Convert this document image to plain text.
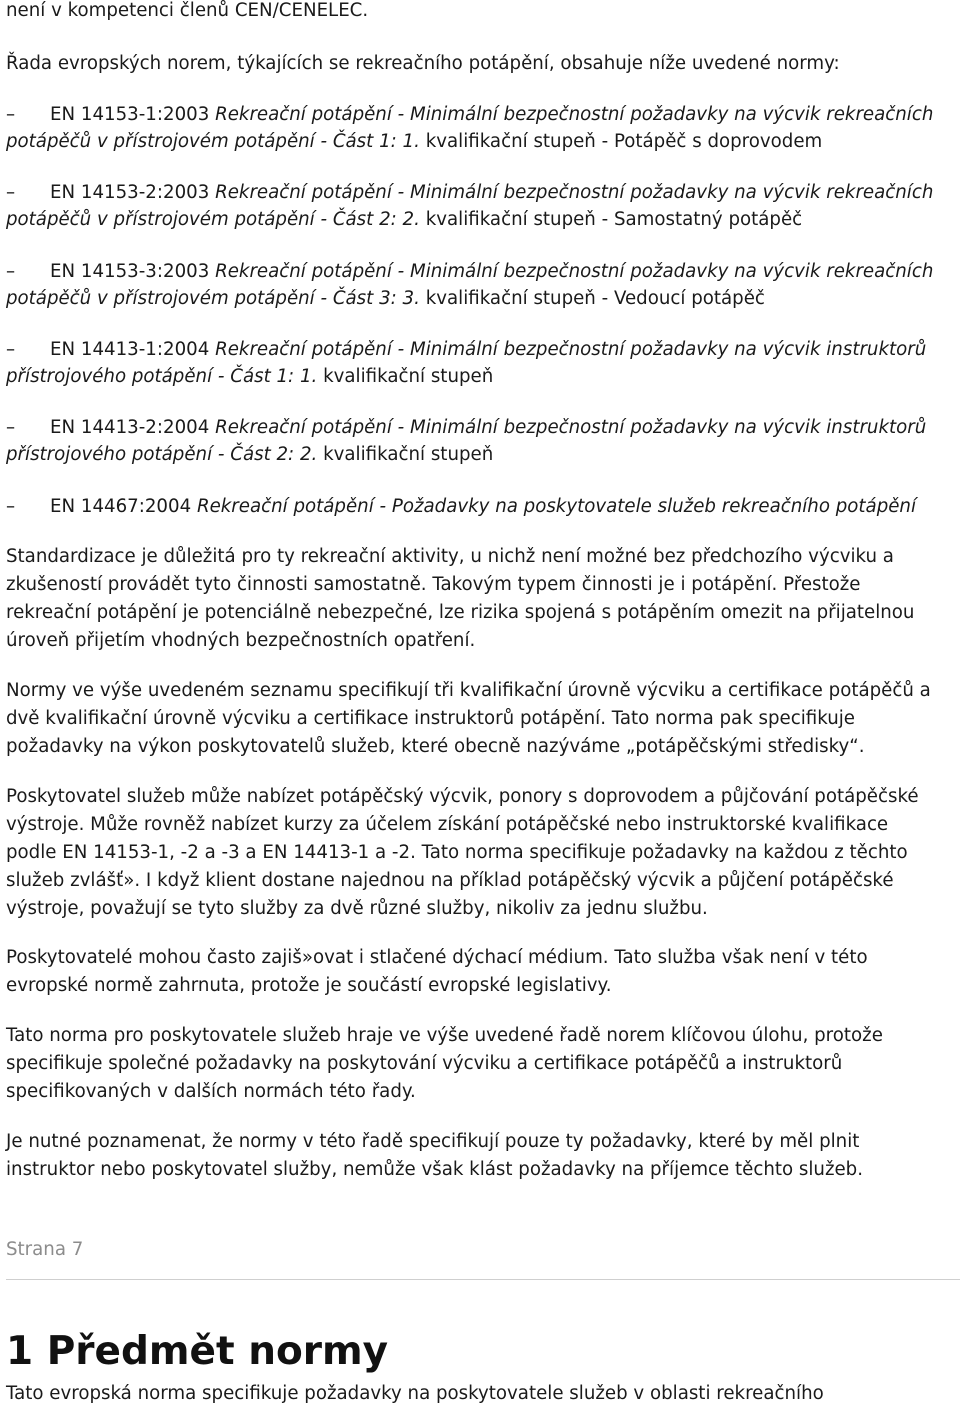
není v kompetenci členů CEN/CENELEC.

Řada evropských norem, týkajících se rekreačního potápění, obsahuje níže uvedené normy:

– EN 14153-1:2003 Rekreační potápění - Minimální bezpečnostní požadavky na výcvik rekreačních
potápěčů v přístrojovém potápění - Část 1: 1. kvalifikační stupeň - Potápěč s doprovodem
– EN 14153-2:2003 Rekreační potápění - Minimální bezpečnostní požadavky na výcvik rekreačních
potápěčů v přístrojovém potápění - Část 2: 2. kvalifikační stupeň - Samostatný potápěč
– EN 14153-3:2003 Rekreační potápění - Minimální bezpečnostní požadavky na výcvik rekreačních
potápěčů v přístrojovém potápění - Část 3: 3. kvalifikační stupeň - Vedoucí potápěč
– EN 14413-1:2004 Rekreační potápění - Minimální bezpečnostní požadavky na výcvik instruktorů
přístrojového potápění - Část 1: 1. kvalifikační stupeň
– EN 14413-2:2004 Rekreační potápění - Minimální bezpečnostní požadavky na výcvik instruktorů
přístrojového potápění - Část 2: 2. kvalifikační stupeň
– EN 14467:2004 Rekreační potápění - Požadavky na poskytovatele služeb rekreačního potápění
Standardizace je důležitá pro ty rekreační aktivity, u nichž není možné bez předchozího výcviku a
zkušeností provádět tyto činnosti samostatně. Takovým typem činnosti je i potápění. Přestože
rekreační potápění je potenciálně nebezpečné, lze rizika spojená s potápěním omezit na přijatelnou
úroveň přijetím vhodných bezpečnostních opatření.
Normy ve výše uvedeném seznamu specifikují tři kvalifikační úrovně výcviku a certifikace potápěčů a
dvě kvalifikační úrovně výcviku a certifikace instruktorů potápění. Tato norma pak specifikuje
požadavky na výkon poskytovatelů služeb, které obecně nazýváme „potápěčskými středisky“.
Poskytovatel služeb může nabízet potápěčský výcvik, ponory s doprovodem a půjčování potápěčské
výstroje. Může rovněž nabízet kurzy za účelem získání potápěčské nebo instruktorské kvalifikace
podle EN 14153-1, -2 a -3 a EN 14413-1 a -2. Tato norma specifikuje požadavky na každou z těchto
služeb zvlášť». I když klient dostane najednou na příklad potápěčský výcvik a půjčení potápěčské
výstroje, považují se tyto služby za dvě různé služby, nikoliv za jednu službu.
Poskytovatelé mohou často zajiš»ovat i stlačené dýchací médium. Tato služba však není v této
evropské normě zahrnuta, protože je součástí evropské legislativy.
Tato norma pro poskytovatele služeb hraje ve výše uvedené řadě norem klíčovou úlohu, protože
specifikuje společné požadavky na poskytování výcviku a certifikace potápěčů a instruktorů
specifikovaných v dalších normách této řady.
Je nutné poznamenat, že normy v této řadě specifikují pouze ty požadavky, které by měl plnit
instruktor nebo poskytovatel služby, nemůže však klást požadavky na příjemce těchto služeb.
Strana 7
1 Předmět normy

Tato evropská norma specifikuje požadavky na poskytovatele služeb v oblasti rekreačního
